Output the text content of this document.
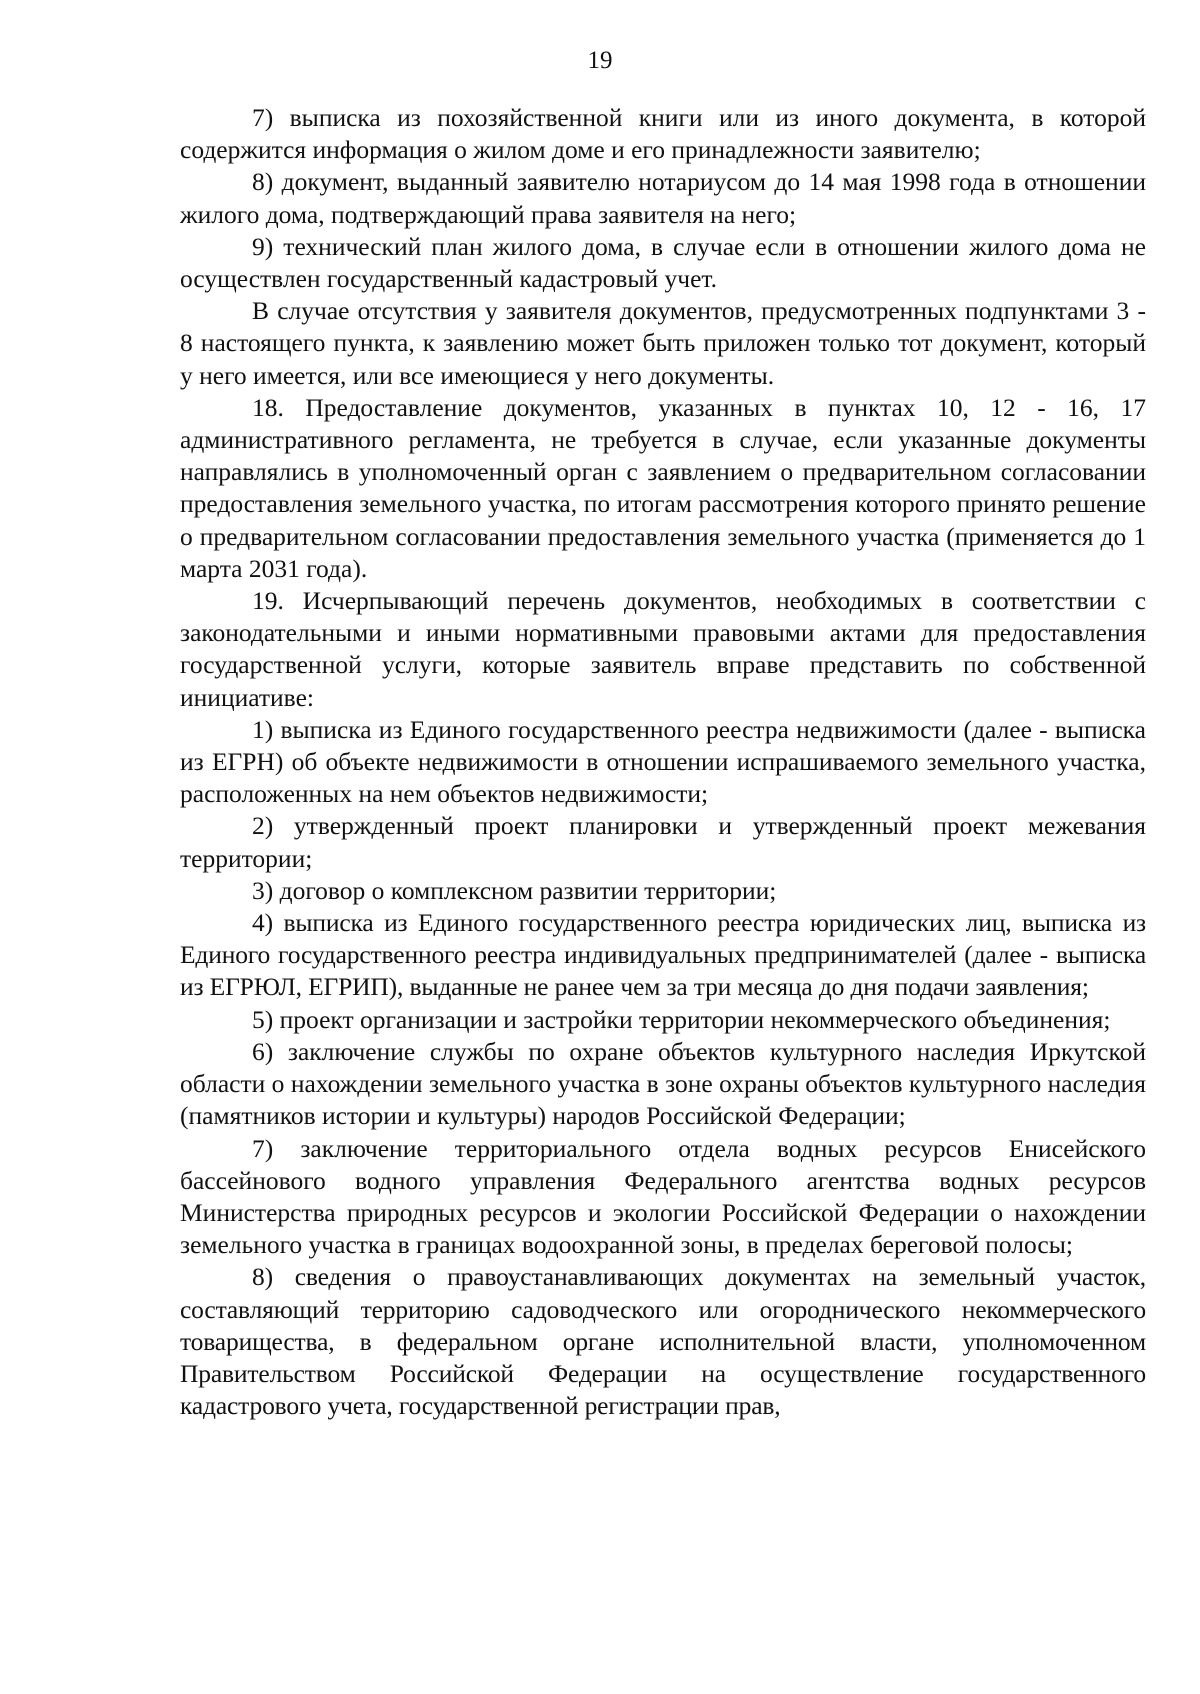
19

7) выписка из похозяйственной книги или из иного документа, в которой содержится информация о жилом доме и его принадлежности заявителю;

8) документ, выданный заявителю нотариусом до 14 мая 1998 года в отношении жилого дома, подтверждающий права заявителя на него;

9) технический план жилого дома, в случае если в отношении жилого дома не осуществлен государственный кадастровый учет.

В случае отсутствия у заявителя документов, предусмотренных подпунктами 3 - 8 настоящего пункта, к заявлению может быть приложен только тот документ, который у него имеется, или все имеющиеся у него документы.

18. Предоставление документов, указанных в пунктах 10, 12 - 16, 17 административного регламента, не требуется в случае, если указанные документы направлялись в уполномоченный орган с заявлением о предварительном согласовании предоставления земельного участка, по итогам рассмотрения которого принято решение о предварительном согласовании предоставления земельного участка (применяется до 1 марта 2031 года).

19. Исчерпывающий перечень документов, необходимых в соответствии с законодательными и иными нормативными правовыми актами для предоставления государственной услуги, которые заявитель вправе представить по собственной инициативе:

1) выписка из Единого государственного реестра недвижимости (далее - выписка из ЕГРН) об объекте недвижимости в отношении испрашиваемого земельного участка, расположенных на нем объектов недвижимости;

2) утвержденный проект планировки и утвержденный проект межевания территории;

3) договор о комплексном развитии территории;

4) выписка из Единого государственного реестра юридических лиц, выписка из Единого государственного реестра индивидуальных предпринимателей (далее - выписка из ЕГРЮЛ, ЕГРИП), выданные не ранее чем за три месяца до дня подачи заявления;

5) проект организации и застройки территории некоммерческого объединения;

6) заключение службы по охране объектов культурного наследия Иркутской области о нахождении земельного участка в зоне охраны объектов культурного наследия (памятников истории и культуры) народов Российской Федерации;

7) заключение территориального отдела водных ресурсов Енисейского бассейнового водного управления Федерального агентства водных ресурсов Министерства природных ресурсов и экологии Российской Федерации о нахождении земельного участка в границах водоохранной зоны, в пределах береговой полосы;

8) сведения о правоустанавливающих документах на земельный участок, составляющий территорию садоводческого или огороднического некоммерческого товарищества, в федеральном органе исполнительной власти, уполномоченном Правительством Российской Федерации на осуществление государственного кадастрового учета, государственной регистрации прав,
